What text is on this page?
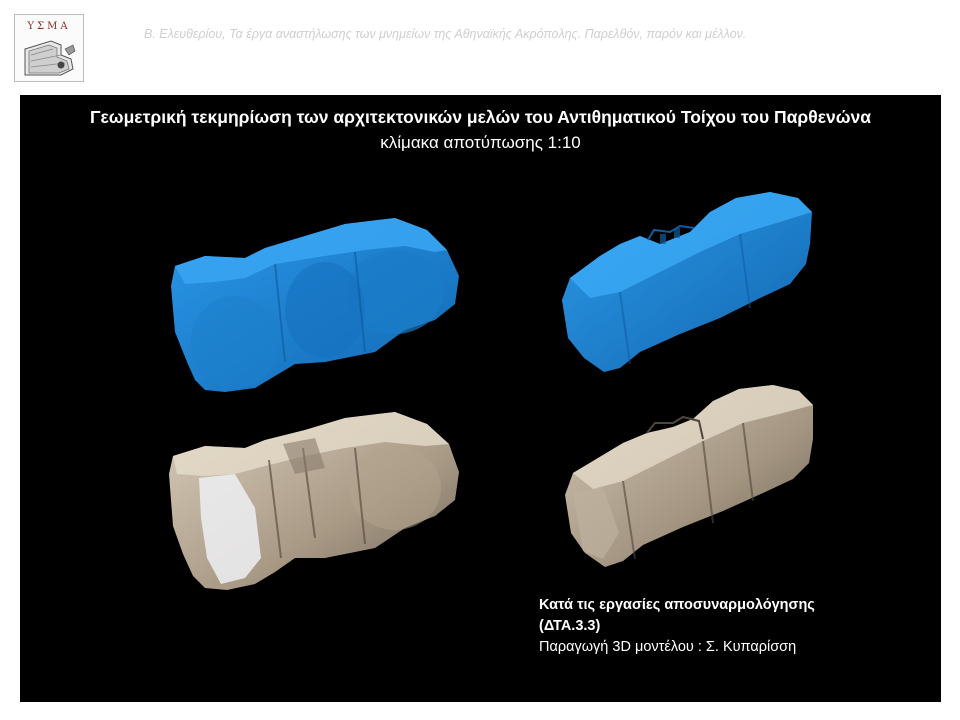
ΥΣΜΑ
Β. Ελευθερίου, Τα έργα αναστήλωσης των μνημείων της Αθηναϊκής Ακρόπολης. Παρελθόν, παρόν και μέλλον.
Γεωμετρική τεκμηρίωση των αρχιτεκτονικών μελών του Αντιθηματικού Τοίχου του Παρθενώνα
κλίμακα αποτύπωσης 1:10
Κατά τις εργασίες αποσυναρμολόγησης
(ΔΤΑ.3.3)
Παραγωγή 3D μοντέλου : Σ. Κυπαρίσση
